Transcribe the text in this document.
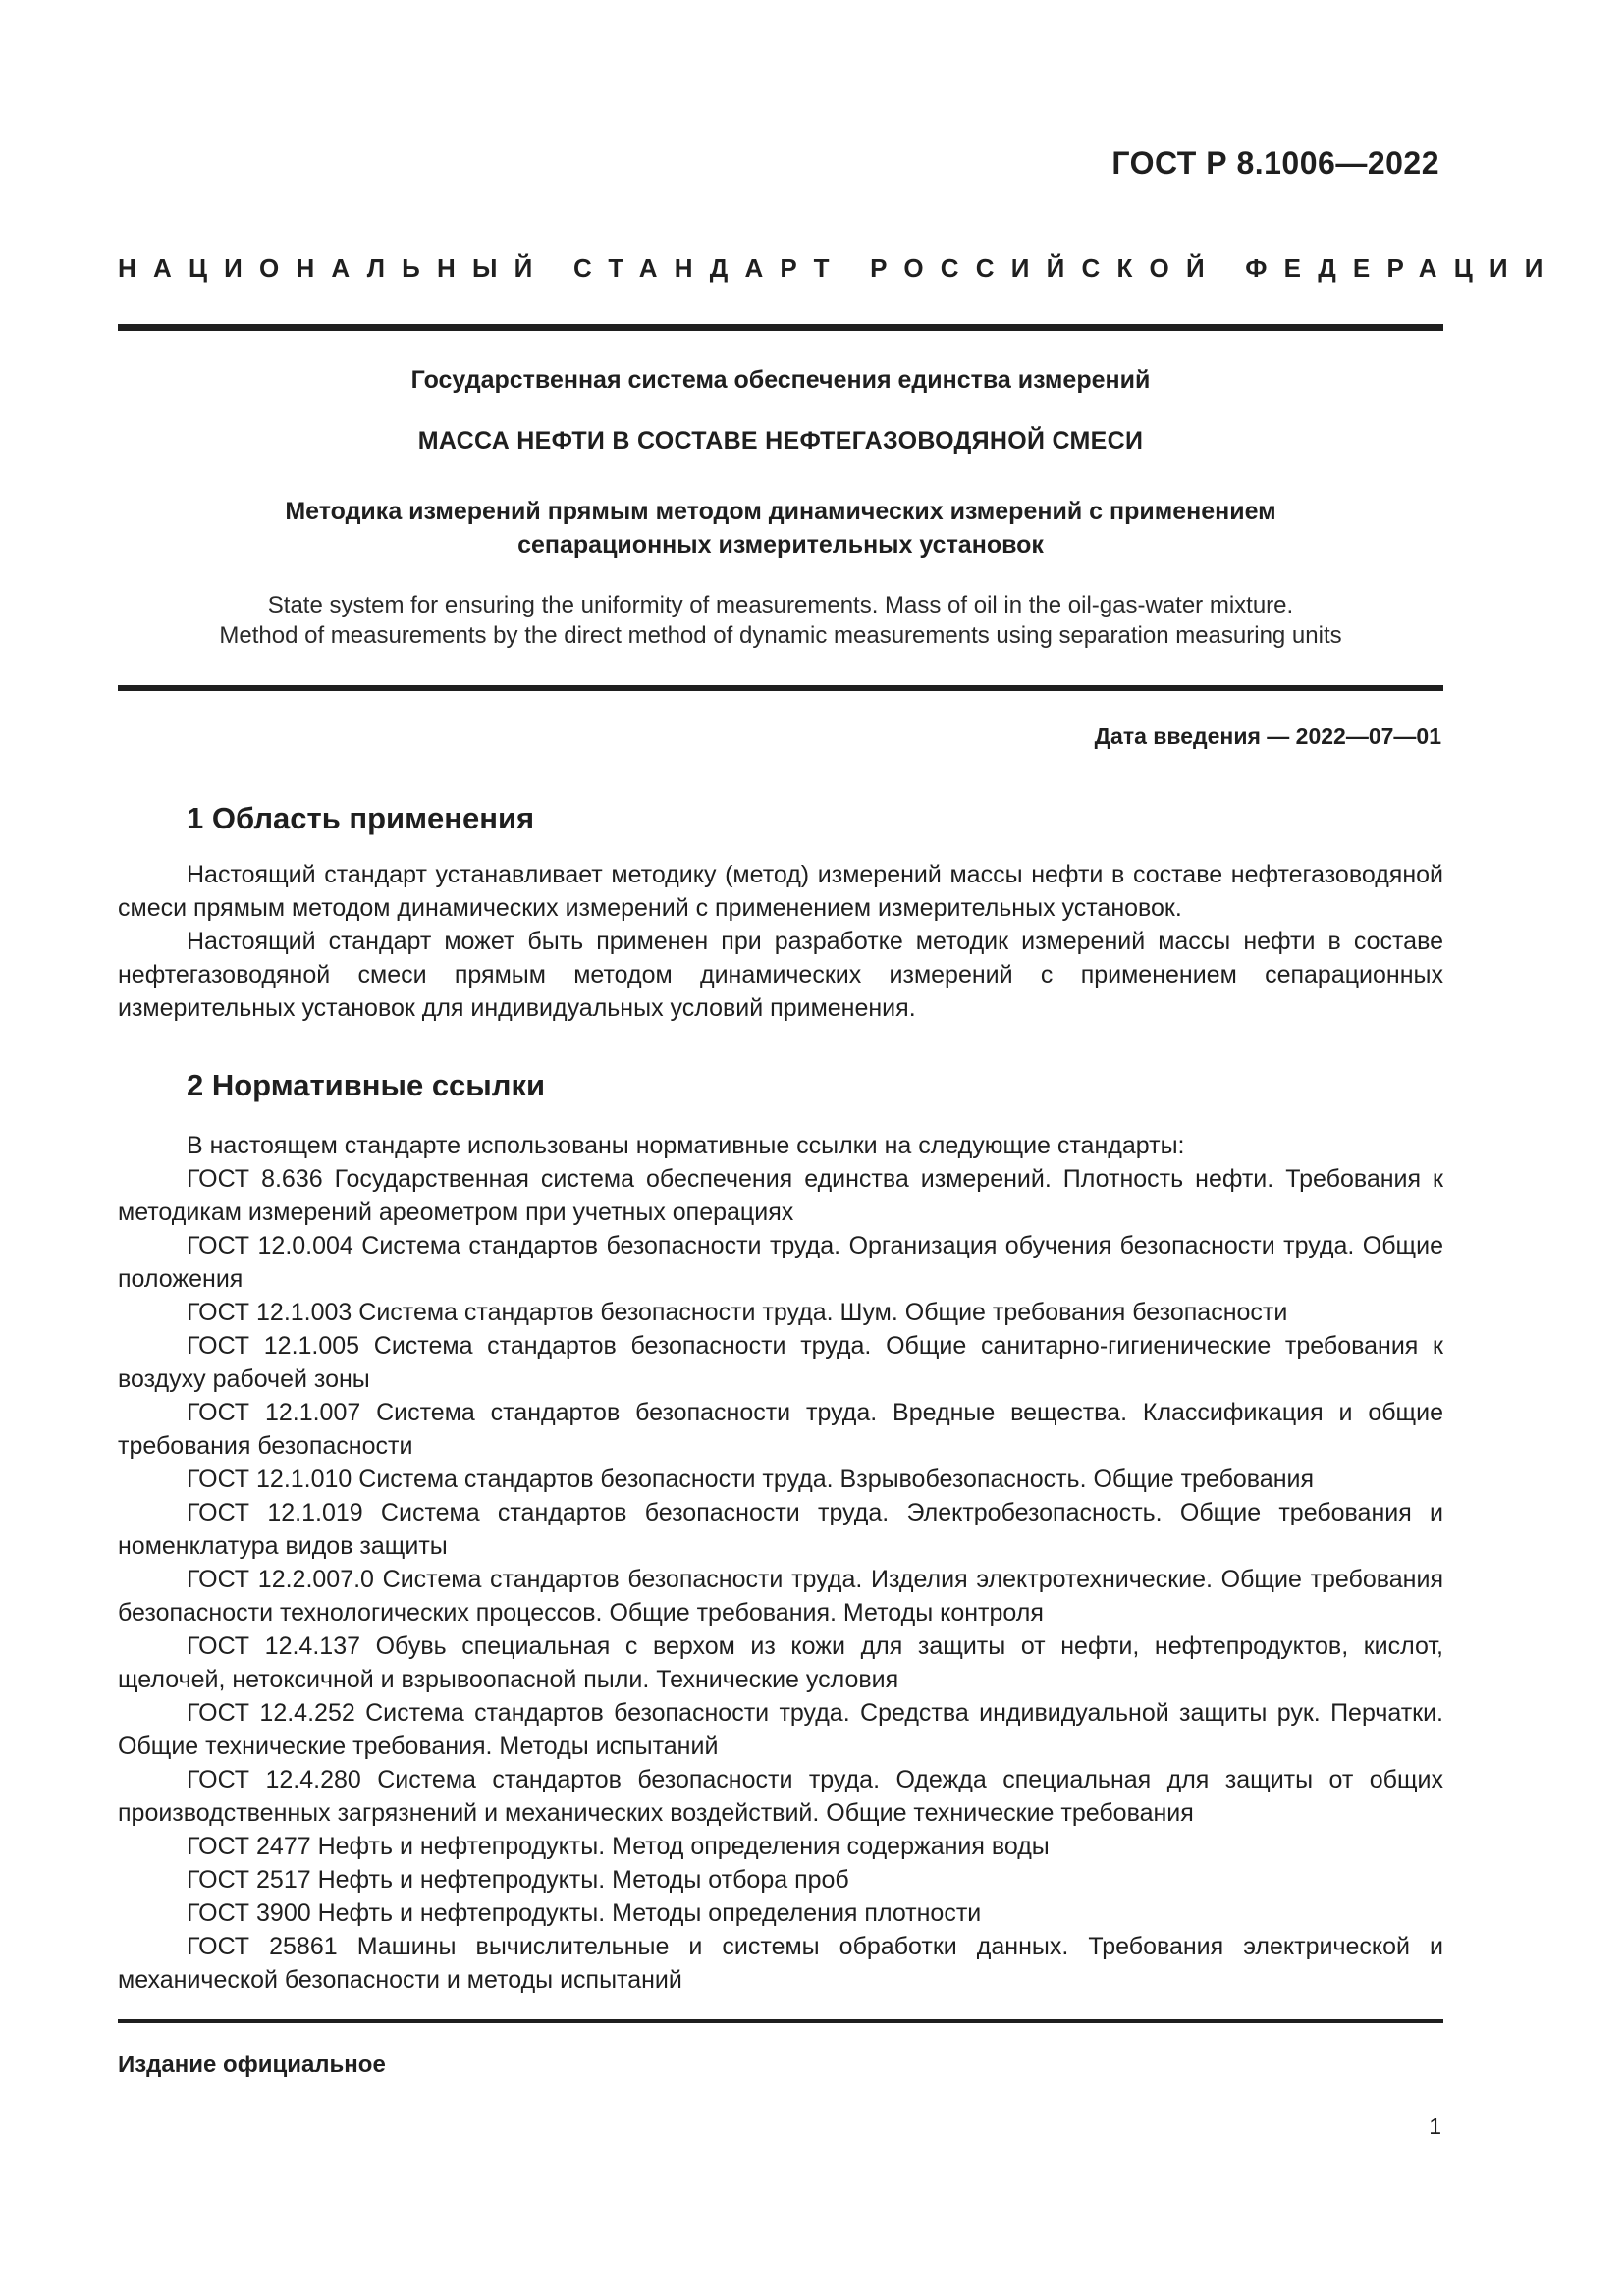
ГОСТ Р 8.1006—2022
НАЦИОНАЛЬНЫЙ СТАНДАРТ РОССИЙСКОЙ ФЕДЕРАЦИИ
Государственная система обеспечения единства измерений
МАССА НЕФТИ В СОСТАВЕ НЕФТЕГАЗОВОДЯНОЙ СМЕСИ
Методика измерений прямым методом динамических измерений с применением
сепарационных измерительных установок
State system for ensuring the uniformity of measurements. Mass of oil in the oil-gas-water mixture.
Method of measurements by the direct method of dynamic measurements using separation measuring units
Дата введения — 2022—07—01
1 Область применения

Настоящий стандарт устанавливает методику (метод) измерений массы нефти в составе нефтегазоводяной смеси прямым методом динамических измерений с применением измерительных установок.

Настоящий стандарт может быть применен при разработке методик измерений массы нефти в составе нефтегазоводяной смеси прямым методом динамических измерений с применением сепарационных измерительных установок для индивидуальных условий применения.

2 Нормативные ссылки

В настоящем стандарте использованы нормативные ссылки на следующие стандарты:

ГОСТ 8.636 Государственная система обеспечения единства измерений. Плотность нефти. Требования к методикам измерений ареометром при учетных операциях

ГОСТ 12.0.004 Система стандартов безопасности труда. Организация обучения безопасности труда. Общие положения

ГОСТ 12.1.003 Система стандартов безопасности труда. Шум. Общие требования безопасности

ГОСТ 12.1.005 Система стандартов безопасности труда. Общие санитарно-гигиенические требования к воздуху рабочей зоны

ГОСТ 12.1.007 Система стандартов безопасности труда. Вредные вещества. Классификация и общие требования безопасности

ГОСТ 12.1.010 Система стандартов безопасности труда. Взрывобезопасность. Общие требования

ГОСТ 12.1.019 Система стандартов безопасности труда. Электробезопасность. Общие требования и номенклатура видов защиты

ГОСТ 12.2.007.0 Система стандартов безопасности труда. Изделия электротехнические. Общие требования безопасности технологических процессов. Общие требования. Методы контроля

ГОСТ 12.4.137 Обувь специальная с верхом из кожи для защиты от нефти, нефтепродуктов, кислот, щелочей, нетоксичной и взрывоопасной пыли. Технические условия

ГОСТ 12.4.252 Система стандартов безопасности труда. Средства индивидуальной защиты рук. Перчатки. Общие технические требования. Методы испытаний

ГОСТ 12.4.280 Система стандартов безопасности труда. Одежда специальная для защиты от общих производственных загрязнений и механических воздействий. Общие технические требования

ГОСТ 2477 Нефть и нефтепродукты. Метод определения содержания воды

ГОСТ 2517 Нефть и нефтепродукты. Методы отбора проб

ГОСТ 3900 Нефть и нефтепродукты. Методы определения плотности

ГОСТ 25861 Машины вычислительные и системы обработки данных. Требования электрической и механической безопасности и методы испытаний

Издание официальное
1
